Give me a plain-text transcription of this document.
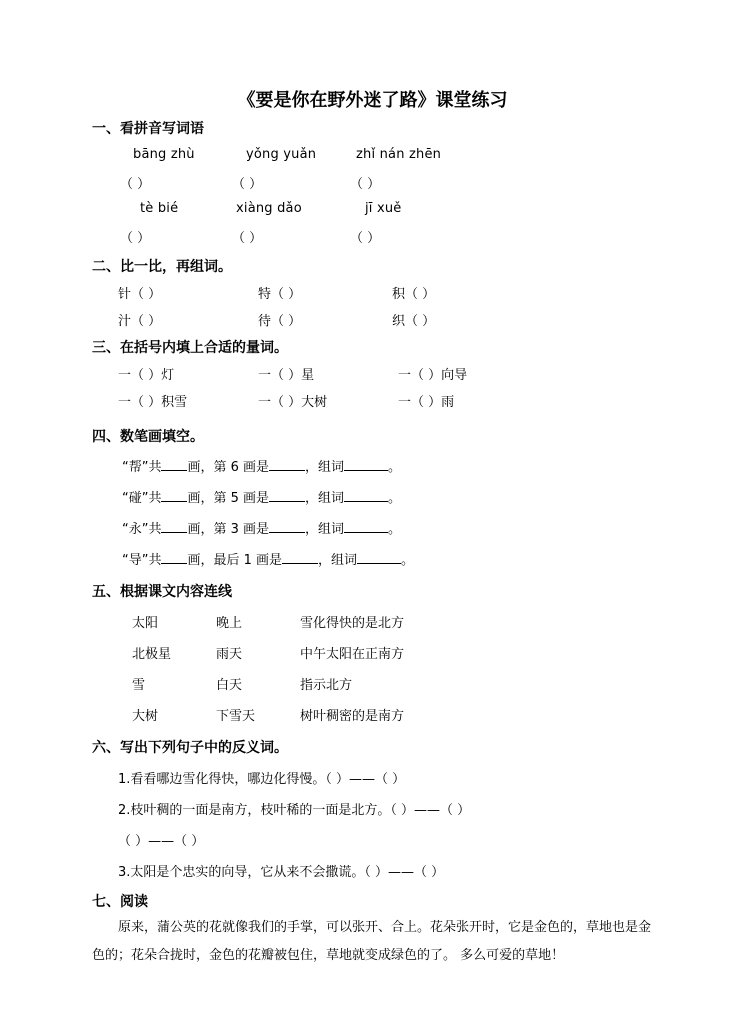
《要是你在野外迷了路》课堂练习
一、看拼音写词语
bāng zhù	yǒng yuǎn	zhǐ nán zhēn
（ ）	（ ）	（ ）
tè bié	xiàng dǎo	jī xuě
（ ）	（ ）	（ ）
二、比一比，再组词。
针（ ）	特（ ）	积（ ）
汁（ ）	待（ ）	织（ ）
三、在括号内填上合适的量词。
一（ ）灯	一（ ）星	一（ ）向导
一（ ）积雪	一（ ）大树	一（ ）雨
四、数笔画填空。
“帮”共 画，第 6 画是	，组词	。
“碰”共 画，第 5 画是	，组词	。
“永”共 画，第 3 画是	，组词	。
“导”共 画，最后 1 画是	，组词	。
五、根据课文内容连线
太阳	晚上	雪化得快的是北方
北极星	雨天	中午太阳在正南方
雪	白天	指示北方
大树	下雪天	树叶稠密的是南方
六、写出下列句子中的反义词。
1.看看哪边雪化得快，哪边化得慢。（ ）——（ ）
2.枝叶稠的一面是南方，枝叶稀的一面是北方。（ ）——（ ）
（ ）——（ ）
3.太阳是个忠实的向导，它从来不会撒谎。（ ）——（ ）
七、阅读
原来，蒲公英的花就像我们的手掌，可以张开、合上。花朵张开时，它是金色的，草地也是金色的；花朵合拢时，金色的花瓣被包住，草地就变成绿色的了。 多么可爱的草地！
